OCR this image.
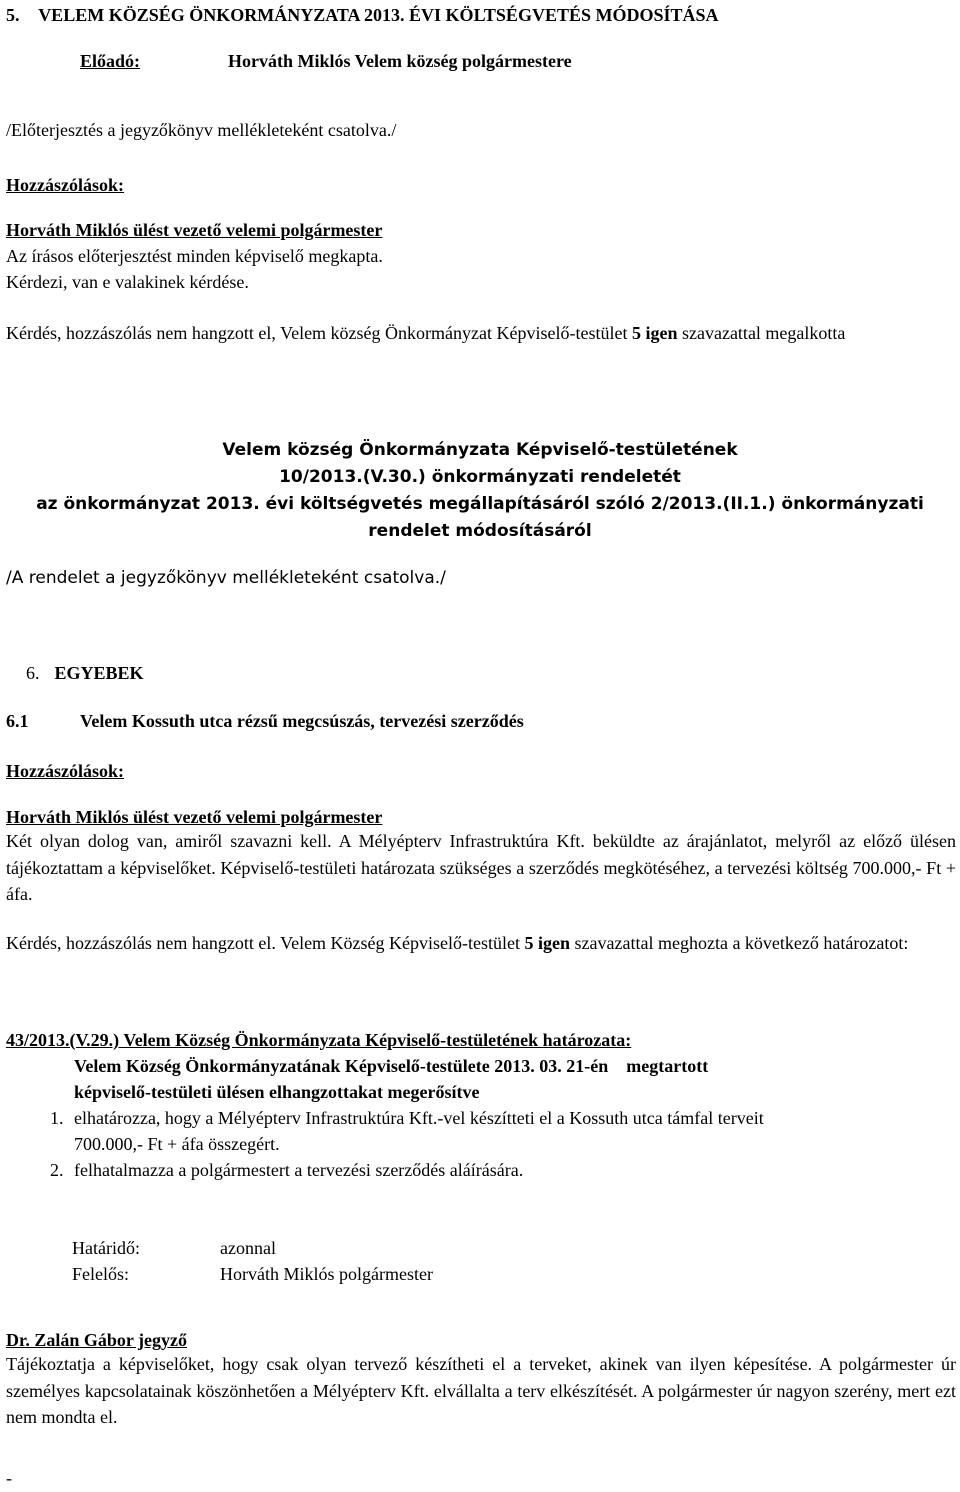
5. VELEM KÖZSÉG ÖNKORMÁNYZATA 2013. ÉVI KÖLTSÉGVETÉS MÓDOSÍTÁSA
Előadó:	Horváth Miklós Velem község polgármestere
/Előterjesztés a jegyzőkönyv mellékleteként csatolva./
Hozzászólások:
Horváth Miklós ülést vezető velemi polgármester
Az írásos előterjesztést minden képviselő megkapta.
Kérdezi, van e valakinek kérdése.
Kérdés, hozzászólás nem hangzott el, Velem község Önkormányzat Képviselő-testület 5 igen szavazattal megalkotta
Velem község Önkormányzata Képviselő-testületének
10/2013.(V.30.) önkormányzati rendeletét
az önkormányzat 2013. évi költségvetés megállapításáról szóló 2/2013.(II.1.) önkormányzati
rendelet módosításáról
/A rendelet a jegyzőkönyv mellékleteként csatolva./
6. EGYEBEK
6.1	Velem Kossuth utca rézsű megcsúszás, tervezési szerződés
Hozzászólások:
Horváth Miklós ülést vezető velemi polgármester
Két olyan dolog van, amiről szavazni kell. A Mélyépterv Infrastruktúra Kft. beküldte az árajánlatot, melyről az előző ülésen tájékoztattam a képviselőket. Képviselő-testületi határozata szükséges a szerződés megkötéséhez, a tervezési költség 700.000,- Ft + áfa.
Kérdés, hozzászólás nem hangzott el. Velem Község Képviselő-testület 5 igen szavazattal meghozta a következő határozatot:
43/2013.(V.29.) Velem Község Önkormányzata Képviselő-testületének határozata:
Velem Község Önkormányzatának Képviselő-testülete 2013. 03. 21-én    megtartott
képviselő-testületi ülésen elhangzottakat megerősítve
1. elhatározza, hogy a Mélyépterv Infrastruktúra Kft.-vel készítteti el a Kossuth utca támfal terveit
700.000,- Ft + áfa összegért.
2. felhatalmazza a polgármestert a tervezési szerződés aláírására.
Határidő:	azonnal
Felelős:	Horváth Miklós polgármester
Dr. Zalán Gábor jegyző
Tájékoztatja a képviselőket, hogy csak olyan tervező készítheti el a terveket, akinek van ilyen képesítése. A polgármester úr személyes kapcsolatainak köszönhetően a Mélyépterv Kft. elvállalta a terv elkészítését. A polgármester úr nagyon szerény, mert ezt nem mondta el.
-
